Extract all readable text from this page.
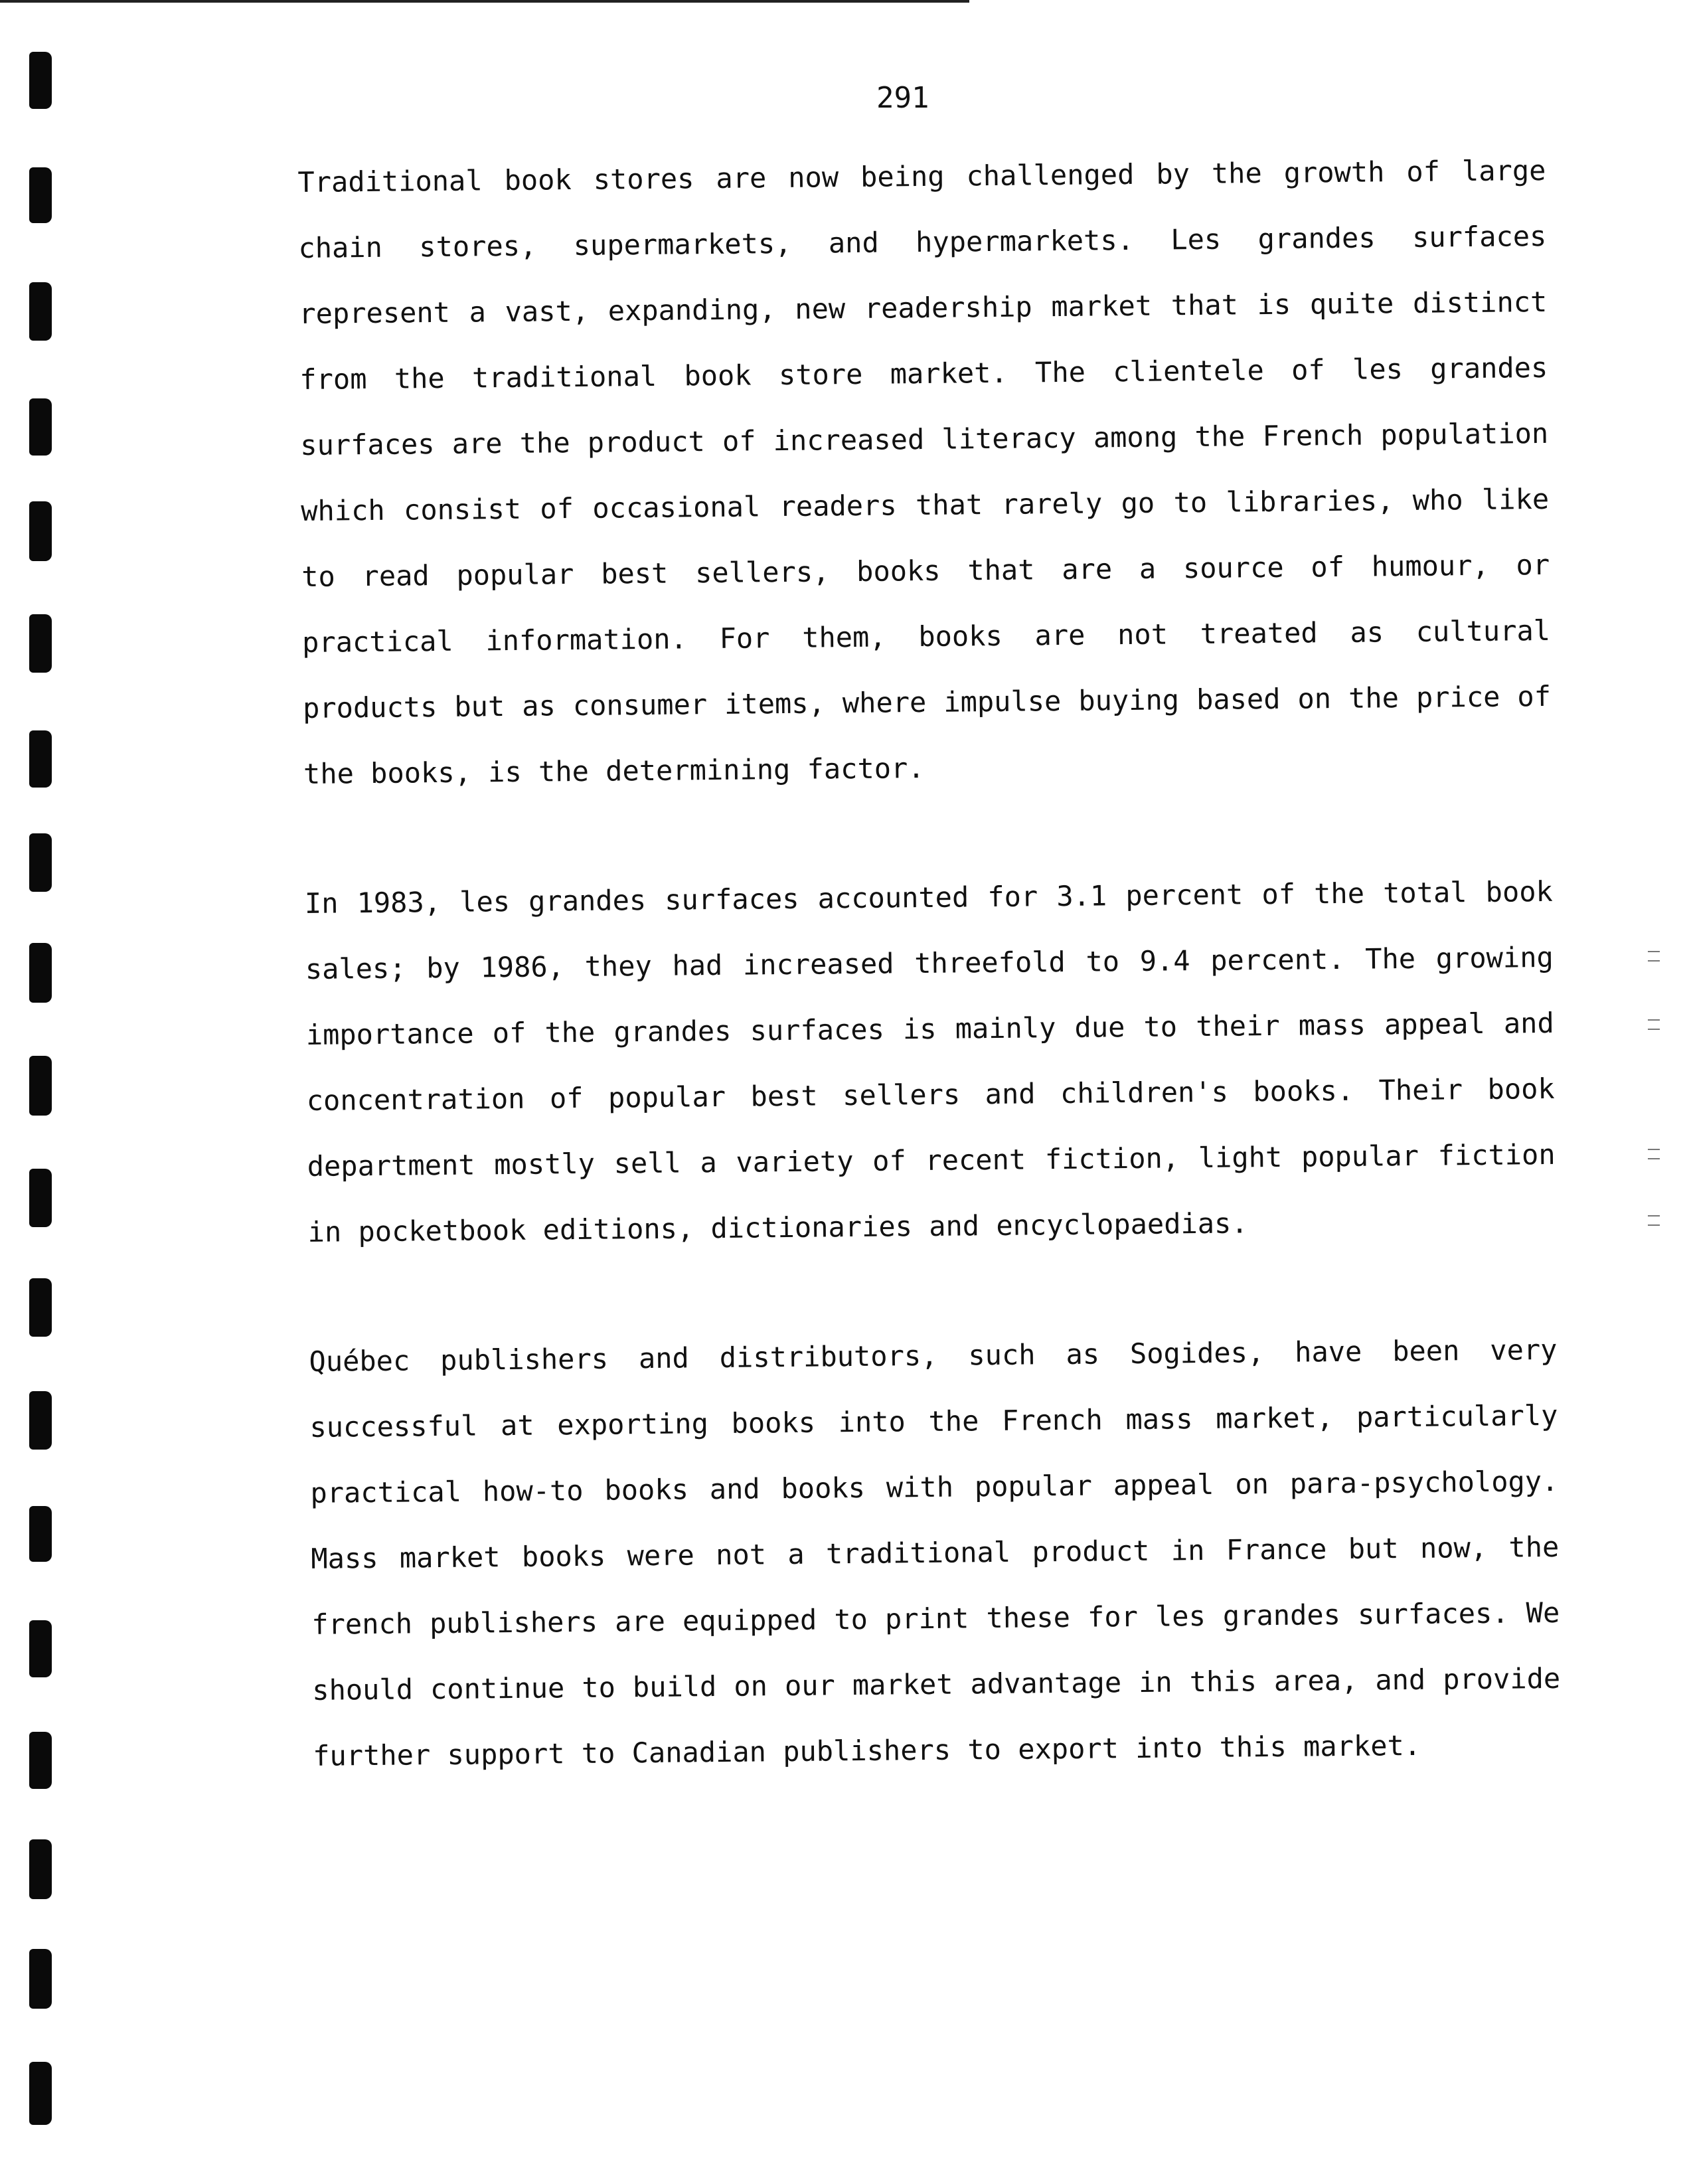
291

Traditional book stores are now being challenged by the growth of large chain stores, supermarkets, and hypermarkets. Les grandes surfaces represent a vast, expanding, new readership market that is quite distinct from the traditional book store market. The clientele of les grandes surfaces are the product of increased literacy among the French population which consist of occasional readers that rarely go to libraries, who like to read popular best sellers, books that are a source of humour, or practical information. For them, books are not treated as cultural products but as consumer items, where impulse buying based on the price of the books, is the determining factor.

In 1983, les grandes surfaces accounted for 3.1 percent of the total book sales; by 1986, they had increased threefold to 9.4 percent. The growing importance of the grandes surfaces is mainly due to their mass appeal and concentration of popular best sellers and children's books. Their book department mostly sell a variety of recent fiction, light popular fiction in pocketbook editions, dictionaries and encyclopaedias.

Québec publishers and distributors, such as Sogides, have been very successful at exporting books into the French mass market, particularly practical how-to books and books with popular appeal on para-psychology. Mass market books were not a traditional product in France but now, the french publishers are equipped to print these for les grandes surfaces. We should continue to build on our market advantage in this area, and provide further support to Canadian publishers to export into this market.
